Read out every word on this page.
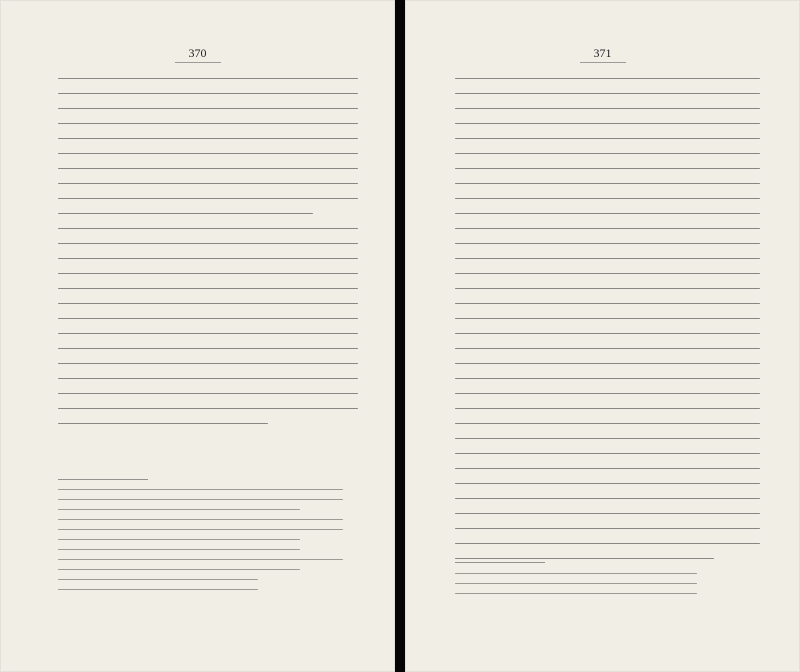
370	371
